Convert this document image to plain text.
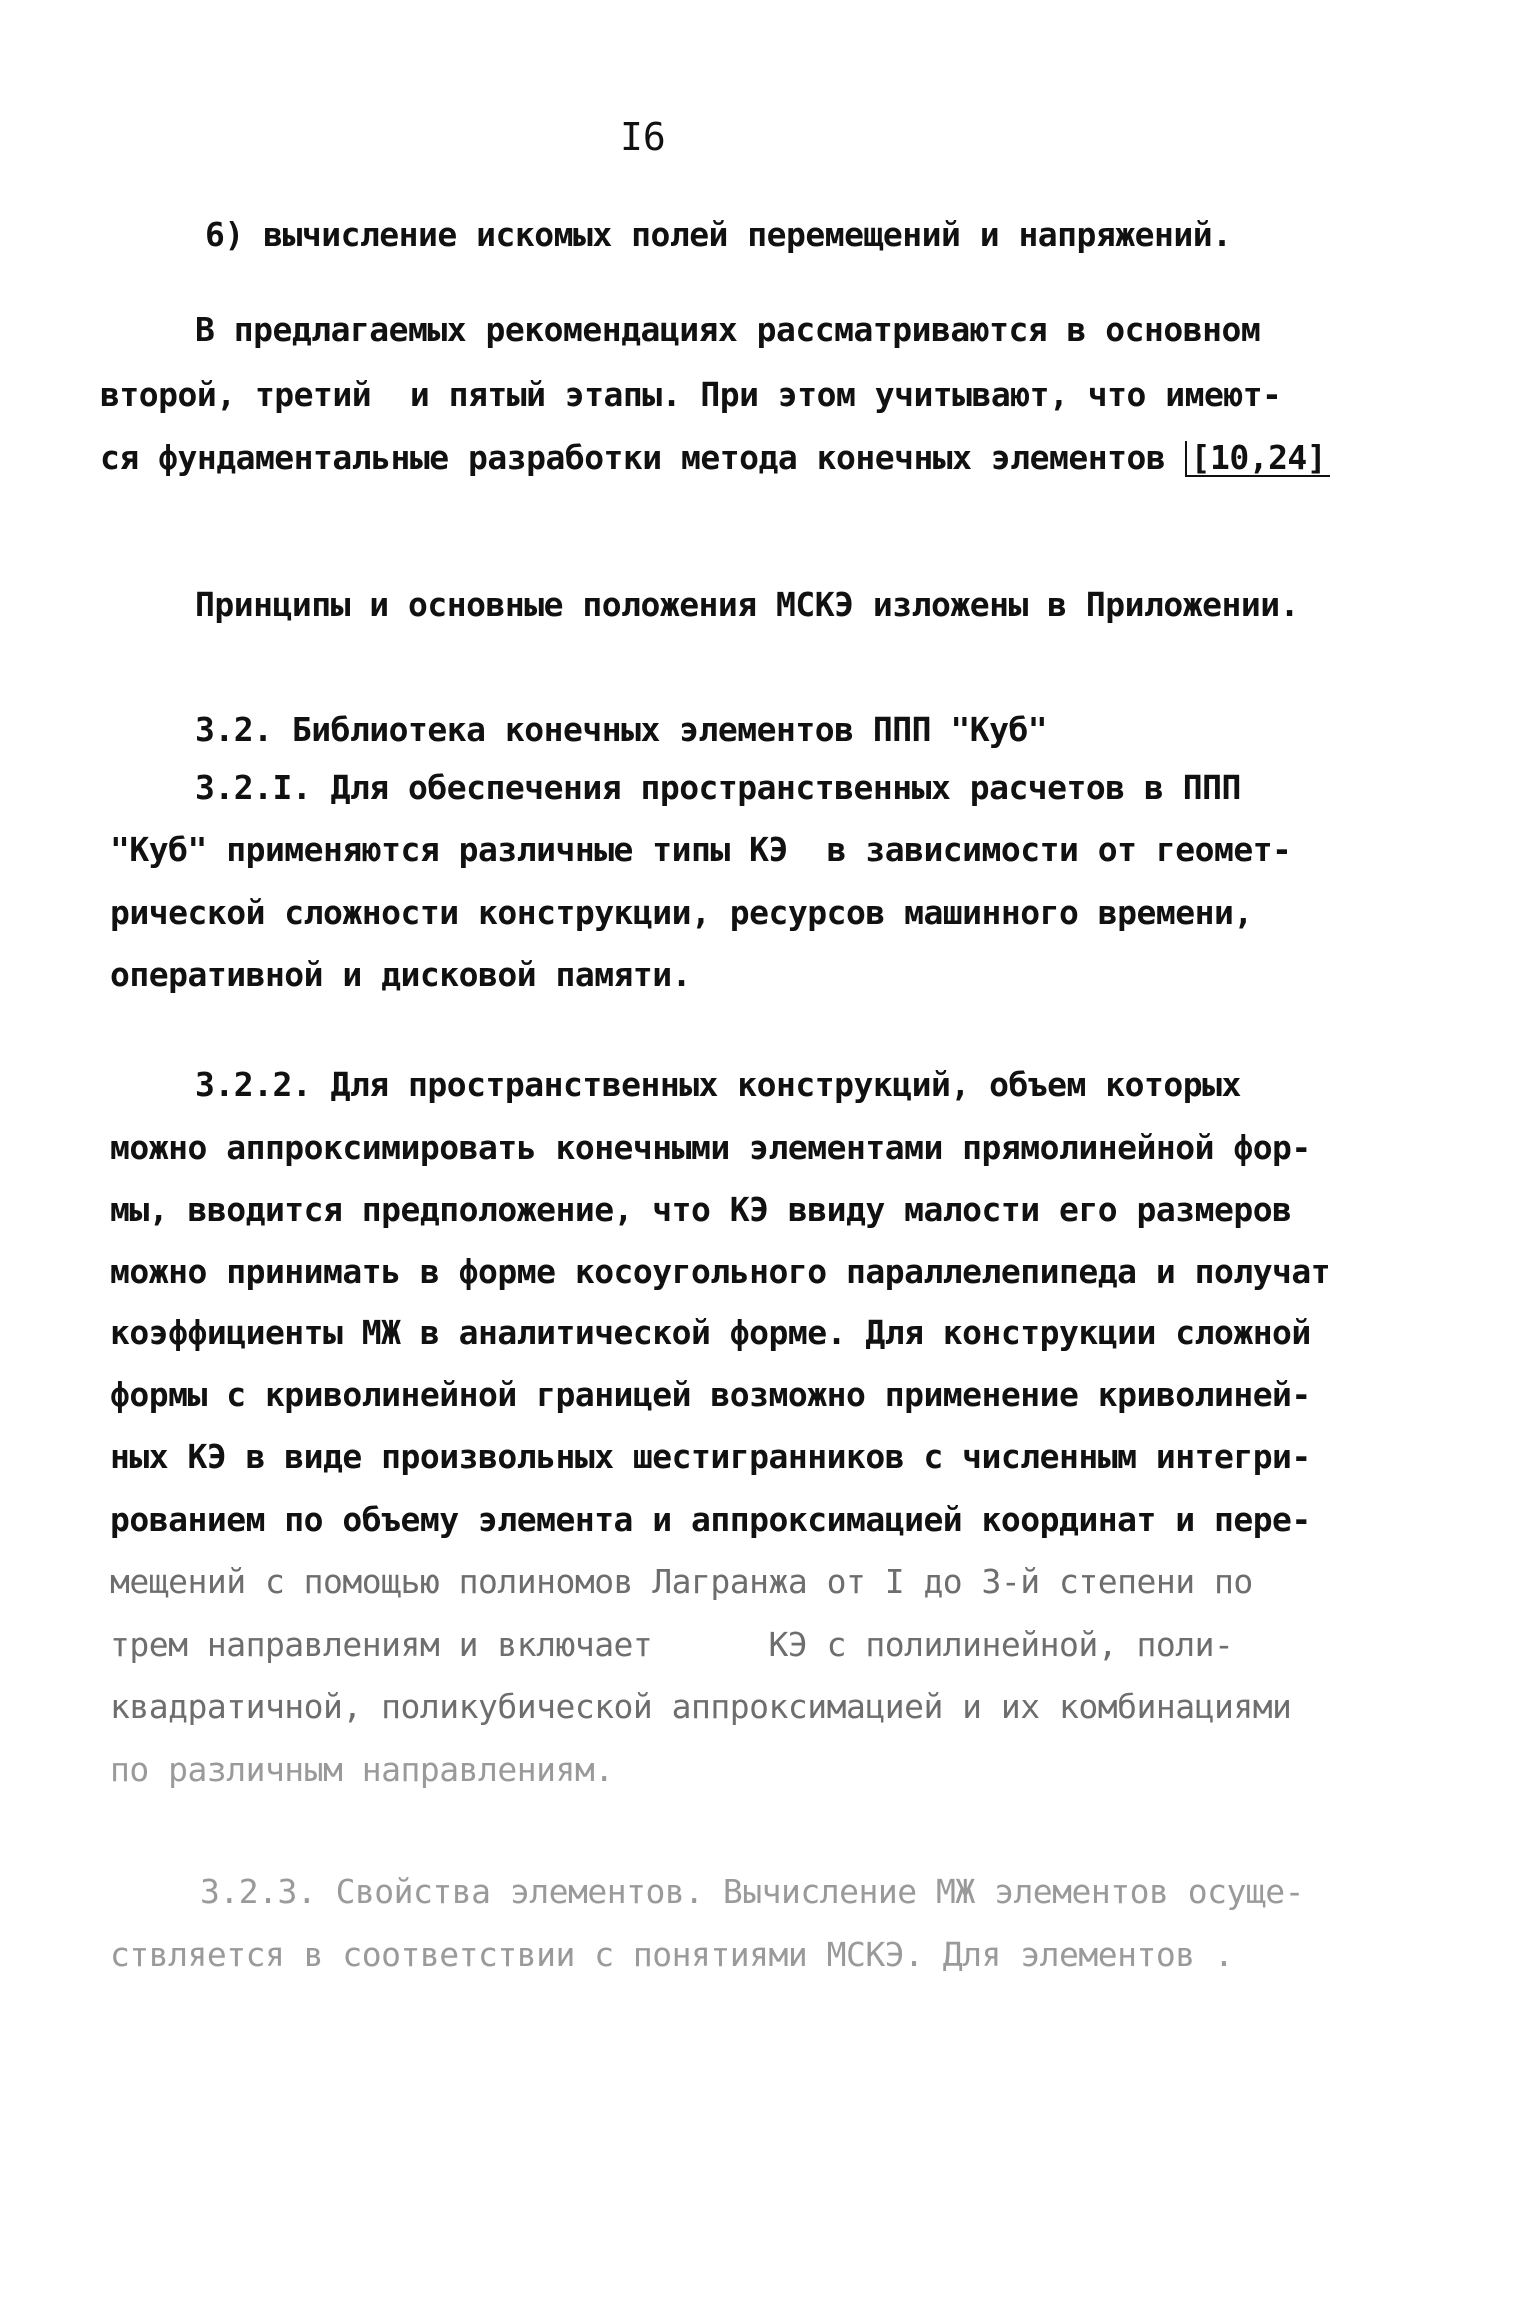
I6

6) вычисление искомых полей перемещений и напряжений.

В предлагаемых рекомендациях рассматриваются в основном

второй, третий  и пятый этапы. При этом учитывают, что имеют-

ся фундаментальные разработки метода конечных элементов [10,24]

Принципы и основные положения МСКЭ изложены в Приложении.

3.2. Библиотека конечных элементов ППП "Куб"

3.2.I. Для обеспечения пространственных расчетов в ППП

"Куб" применяются различные типы КЭ  в зависимости от геомет-

рической сложности конструкции, ресурсов машинного времени,

оперативной и дисковой памяти.

3.2.2. Для пространственных конструкций, объем которых

можно аппроксимировать конечными элементами прямолинейной фор-

мы, вводится предположение, что КЭ ввиду малости его размеров

можно принимать в форме косоугольного параллелепипеда и получат

коэффициенты МЖ в аналитической форме. Для конструкции сложной

формы с криволинейной границей возможно применение криволиней-

ных КЭ в виде произвольных шестигранников с численным интегри-

рованием по объему элемента и аппроксимацией координат и пере-

мещений с помощью полиномов Лагранжа от I до 3-й степени по

трем направлениям и включает      КЭ с полилинейной, поли-

квадратичной, поликубической аппроксимацией и их комбинациями

по различным направлениям.

3.2.3. Свойства элементов. Вычисление МЖ элементов осуще-

ствляется в соответствии с понятиями МСКЭ. Для элементов .
